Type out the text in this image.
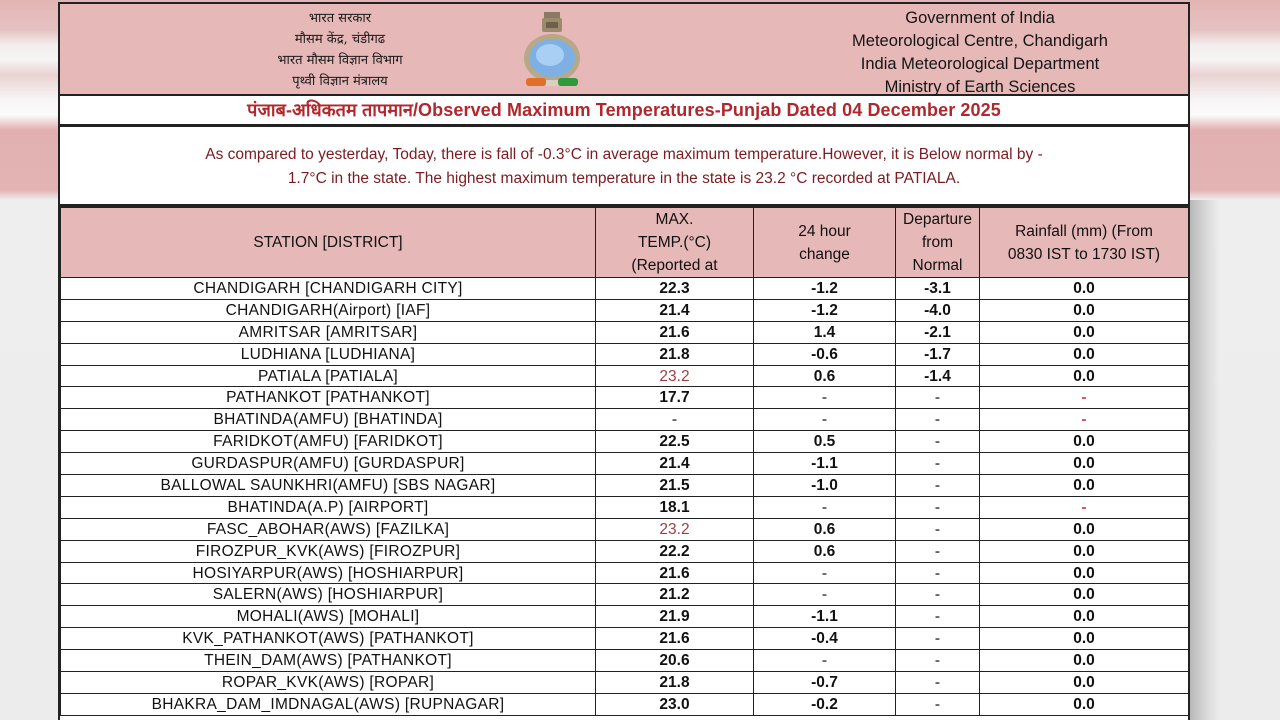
भारत सरकार
मौसम केंद्र, चंडीगढ
भारत मौसम विज्ञान विभाग
पृथ्वी विज्ञान मंत्रालय
Government of India
Meteorological Centre, Chandigarh
India Meteorological Department
Ministry of Earth Sciences
पंजाब-अधिकतम तापमान/Observed Maximum Temperatures-Punjab Dated 04 December 2025
As compared to yesterday, Today, there is fall of -0.3°C in average maximum temperature.However, it is Below normal by -
1.7°C in the state. The highest maximum temperature in the state is 23.2 °C recorded at PATIALA.
STATION [DISTRICT]	
MAX.
TEMP.(°C)
(Reported at

24 hour
change

Departure
from
Normal

Rainfall (mm) (From
0830 IST to 1730 IST)

CHANDIGARH [CHANDIGARH CITY]	22.3	-1.2	-3.1	0.0
CHANDIGARH(Airport) [IAF]	21.4	-1.2	-4.0	0.0
AMRITSAR [AMRITSAR]	21.6	1.4	-2.1	0.0
LUDHIANA [LUDHIANA]	21.8	-0.6	-1.7	0.0
PATIALA [PATIALA]	23.2	0.6	-1.4	0.0
PATHANKOT [PATHANKOT]	17.7	-	-	-
BHATINDA(AMFU) [BHATINDA]	-	-	-	-
FARIDKOT(AMFU) [FARIDKOT]	22.5	0.5	-	0.0
GURDASPUR(AMFU) [GURDASPUR]	21.4	-1.1	-	0.0
BALLOWAL SAUNKHRI(AMFU) [SBS NAGAR]	21.5	-1.0	-	0.0
BHATINDA(A.P) [AIRPORT]	18.1	-	-	-
FASC_ABOHAR(AWS) [FAZILKA]	23.2	0.6	-	0.0
FIROZPUR_KVK(AWS) [FIROZPUR]	22.2	0.6	-	0.0
HOSIYARPUR(AWS) [HOSHIARPUR]	21.6	-	-	0.0
SALERN(AWS) [HOSHIARPUR]	21.2	-	-	0.0
MOHALI(AWS) [MOHALI]	21.9	-1.1	-	0.0
KVK_PATHANKOT(AWS) [PATHANKOT]	21.6	-0.4	-	0.0
THEIN_DAM(AWS) [PATHANKOT]	20.6	-	-	0.0
ROPAR_KVK(AWS) [ROPAR]	21.8	-0.7	-	0.0
BHAKRA_DAM_IMDNAGAL(AWS) [RUPNAGAR]	23.0	-0.2	-	0.0
